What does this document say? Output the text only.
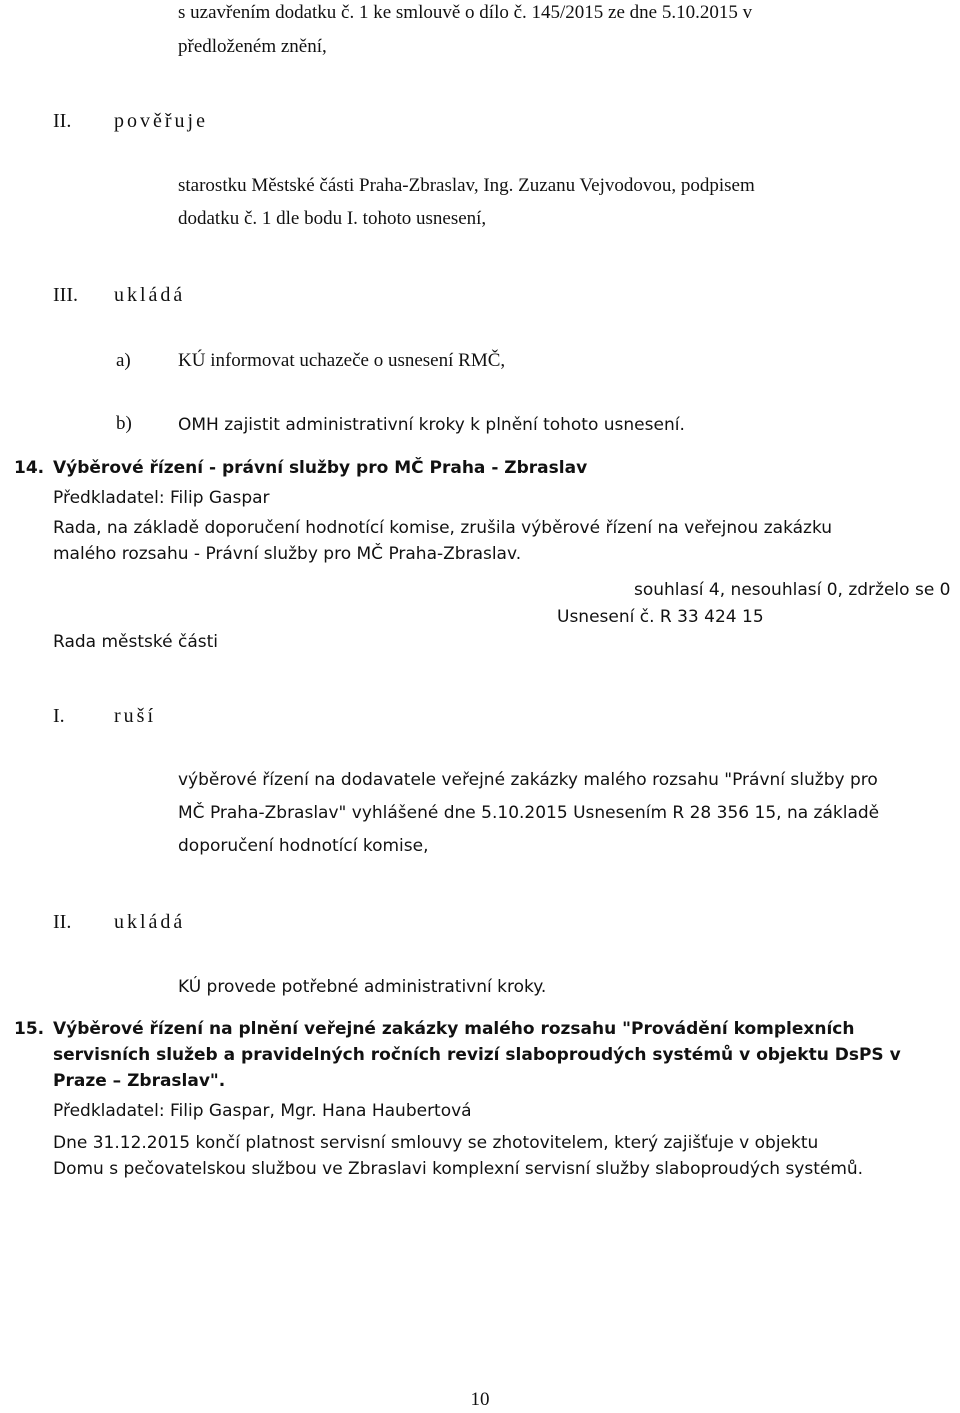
s uzavřením dodatku č. 1 ke smlouvě o dílo č. 145/2015 ze dne 5.10.2015 v
předloženém znění,
II. pověřuje
starostku Městské části Praha-Zbraslav, Ing. Zuzanu Vejvodovou, podpisem
dodatku č. 1 dle bodu I. tohoto usnesení,
III. ukládá
a) KÚ informovat uchazeče o usnesení RMČ,
b)	OMH zajistit administrativní kroky k plnění tohoto usnesení.
14. Výběrové řízení - právní služby pro MČ Praha - Zbraslav
Předkladatel: Filip Gaspar
Rada, na základě doporučení hodnotící komise, zrušila výběrové řízení na veřejnou zakázku
malého rozsahu - Právní služby pro MČ Praha-Zbraslav.
souhlasí 4, nesouhlasí 0, zdrželo se 0
Usnesení č. R 33 424 15
Rada městské části
I. ruší
výběrové řízení na dodavatele veřejné zakázky malého rozsahu "Právní služby pro
MČ Praha-Zbraslav" vyhlášené dne 5.10.2015 Usnesením R 28 356 15, na základě
doporučení hodnotící komise,
II. ukládá
KÚ provede potřebné administrativní kroky.
15. Výběrové řízení na plnění veřejné zakázky malého rozsahu "Provádění komplexních
servisních služeb a pravidelných ročních revizí slaboproudých systémů v objektu DsPS v
Praze – Zbraslav".
Předkladatel: Filip Gaspar, Mgr. Hana Haubertová
Dne 31.12.2015 končí platnost servisní smlouvy se zhotovitelem, který zajišťuje v objektu
Domu s pečovatelskou službou ve Zbraslavi komplexní servisní služby slaboproudých systémů.
10
